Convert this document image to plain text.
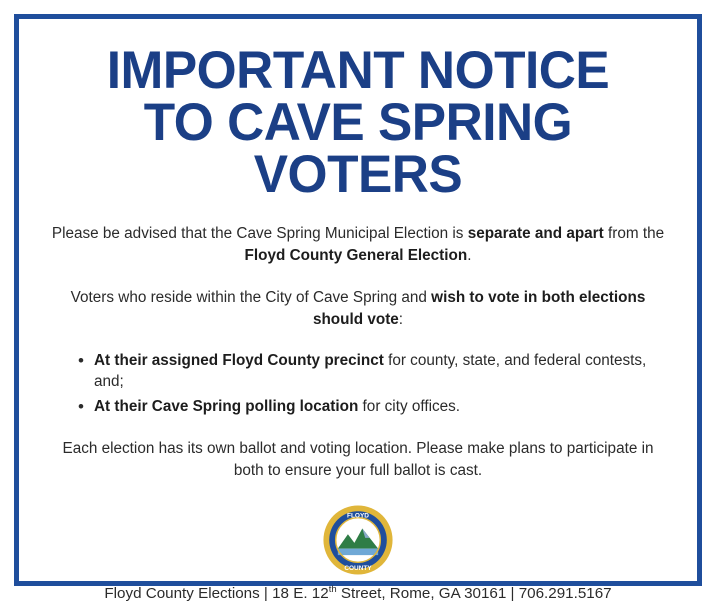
IMPORTANT NOTICE
TO CAVE SPRING VOTERS

Please be advised that the Cave Spring Municipal Election is separate and apart from the Floyd County General Election.

Voters who reside within the City of Cave Spring and wish to vote in both elections should vote:

• At their assigned Floyd County precinct for county, state, and federal contests, and;
• At their Cave Spring polling location for city offices.

Each election has its own ballot and voting location. Please make plans to participate in both to ensure your full ballot is cast.

FLOYD
COUNTY
Floyd County Elections | 18 E. 12th Street, Rome, GA 30161 | 706.291.5167
